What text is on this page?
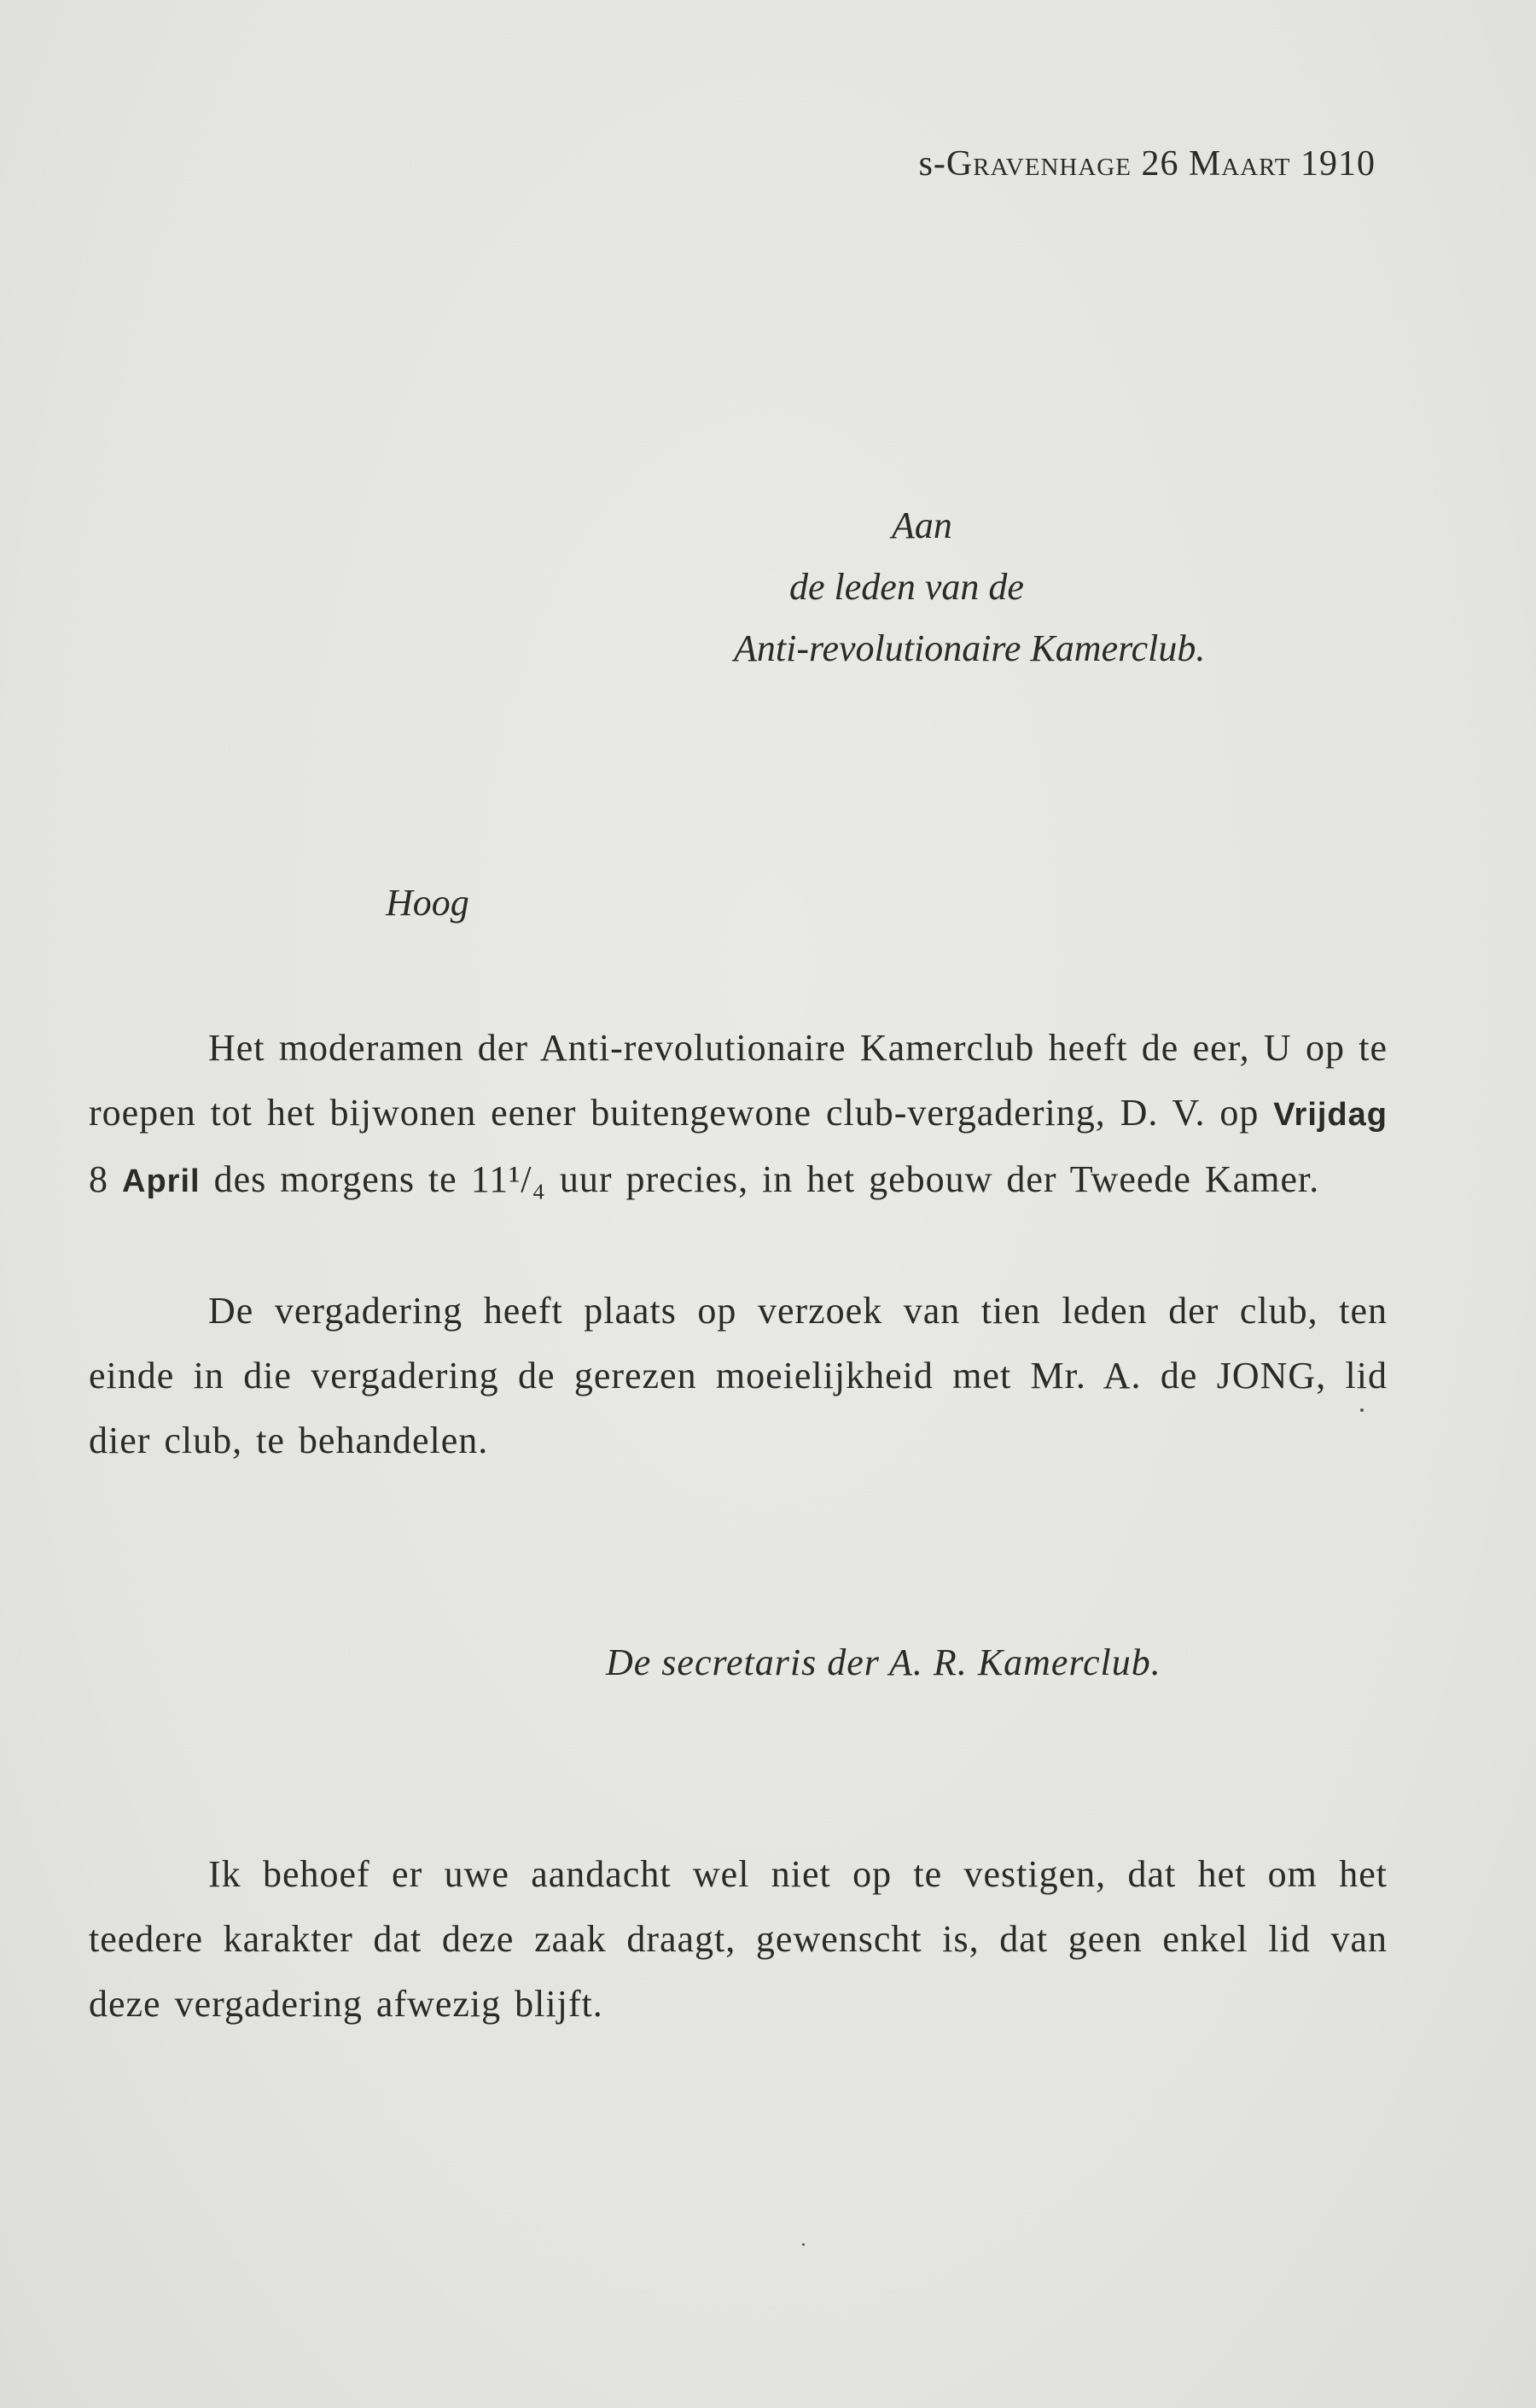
s-Gravenhage 26 Maart 1910
Aan
de leden van de
Anti-revolutionaire Kamerclub.
Hoog
Het moderamen der Anti-revolutionaire Kamerclub heeft de eer, U op te roepen tot het bijwonen eener buitengewone club-vergadering, D. V. op Vrijdag 8 April des morgens te 11¹/₄ uur precies, in het gebouw der Tweede Kamer.
De vergadering heeft plaats op verzoek van tien leden der club, ten einde in die vergadering de gerezen moeielijkheid met Mr. A. de JONG, lid dier club, te behandelen.
De secretaris der A. R. Kamerclub.
Ik behoef er uwe aandacht wel niet op te vestigen, dat het om het teedere karakter dat deze zaak draagt, gewenscht is, dat geen enkel lid van deze vergadering afwezig blijft.
